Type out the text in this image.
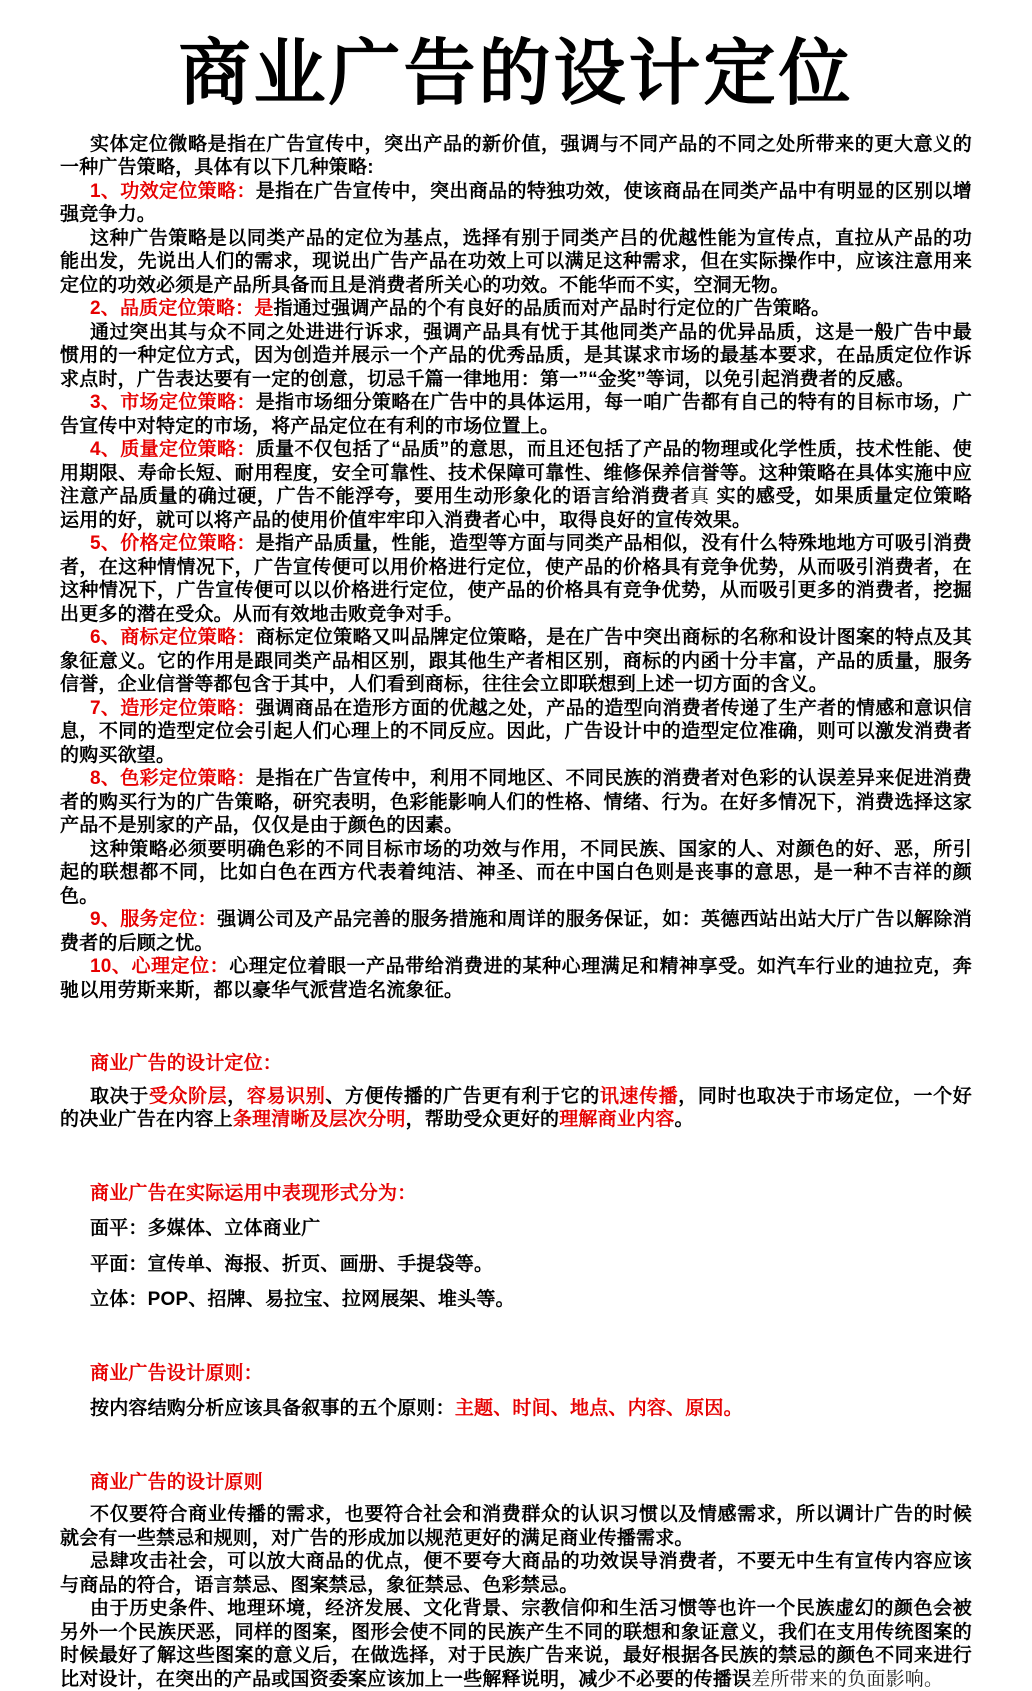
商业广告的设计定位

实体定位微略是指在广告宣传中，突出产品的新价值，强调与不同产品的不同之处所带来的更大意义的一种广告策略，具体有以下几种策略:

1、功效定位策略：是指在广告宣传中，突出商品的特独功效，使该商品在同类产品中有明显的区别以增强竞争力。

这种广告策略是以同类产品的定位为基点，选择有别于同类产吕的优越性能为宣传点，直拉从产品的功能出发，先说出人们的需求，现说出广告产品在功效上可以满足这种需求，但在实际操作中，应该注意用来定位的功效必须是产品所具备而且是消费者所关心的功效。不能华而不实，空洞无物。

2、品质定位策略：是指通过强调产品的个有良好的品质而对产品时行定位的广告策略。

通过突出其与众不同之处进进行诉求，强调产品具有忧于其他同类产品的优异品质，这是一般广告中最惯用的一种定位方式，因为创造并展示一个产品的优秀品质，是其谋求市场的最基本要求，在品质定位作诉求点时，广告表达要有一定的创意，切忌千篇一律地用：第一”“金奖”等词，以免引起消费者的反感。

3、市场定位策略：是指市场细分策略在广告中的具体运用，每一咱广告都有自己的特有的目标市场，广告宣传中对特定的市场，将产品定位在有利的市场位置上。

4、质量定位策略：质量不仅包括了“品质”的意思，而且还包括了产品的物理或化学性质，技术性能、使用期限、寿命长短、耐用程度，安全可靠性、技术保障可靠性、维修保养信誉等。这种策略在具体实施中应注意产品质量的确过硬，广告不能浮夸，要用生动形象化的语言给消费者真 实的感受，如果质量定位策略 运用的好，就可以将产品的使用价值牢牢印入消费者心中，取得良好的宣传效果。

5、价格定位策略：是指产品质量，性能，造型等方面与同类产品相似，没有什么特殊地地方可吸引消费者，在这种情情况下，广告宣传便可以用价格进行定位，使产品的价格具有竞争优势，从而吸引消费者，在这种情况下，广告宣传便可以以价格进行定位，使产品的价格具有竞争优势，从而吸引更多的消费者，挖掘出更多的潜在受众。从而有效地击败竞争对手。

6、商标定位策略：商标定位策略又叫品牌定位策略，是在广告中突出商标的名称和设计图案的特点及其象征意义。它的作用是跟同类产品相区别，跟其他生产者相区别，商标的内函十分丰富，产品的质量，服务信誉，企业信誉等都包含于其中，人们看到商标，往往会立即联想到上述一切方面的含义。

7、造形定位策略：强调商品在造形方面的优越之处，产品的造型向消费者传递了生产者的情感和意识信息，不同的造型定位会引起人们心理上的不同反应。因此，广告设计中的造型定位准确，则可以激发消费者的购买欲望。

8、色彩定位策略：是指在广告宣传中，利用不同地区、不同民族的消费者对色彩的认误差异来促进消费者的购买行为的广告策略，研究表明，色彩能影响人们的性格、情绪、行为。在好多情况下，消费选择这家产品不是别家的产品，仅仅是由于颜色的因素。

这种策略必须要明确色彩的不同目标市场的功效与作用，不同民族、国家的人、对颜色的好、恶，所引起的联想都不同，比如白色在西方代表着纯洁、神圣、而在中国白色则是丧事的意思，是一种不吉祥的颜色。

9、服务定位：强调公司及产品完善的服务措施和周详的服务保证，如：英德西站出站大厅广告以解除消费者的后顾之忧。

10、心理定位：心理定位着眼一产品带给消费进的某种心理满足和精神享受。如汽车行业的迪拉克，奔驰以用劳斯来斯，都以豪华气派营造名流象征。

商业广告的设计定位：

取决于受众阶层，容易识别、方便传播的广告更有利于它的讯速传播，同时也取决于市场定位，一个好的决业广告在内容上条理清晰及层次分明，帮助受众更好的理解商业内容。

商业广告在实际运用中表现形式分为：

面平：多媒体、立体商业广

平面：宣传单、海报、折页、画册、手提袋等。

立体：POP、招牌、易拉宝、拉网展架、堆头等。

商业广告设计原则：

按内容结购分析应该具备叙事的五个原则：主题、时间、地点、内容、原因。

商业广告的设计原则

不仅要符合商业传播的需求，也要符合社会和消费群众的认识习惯以及情感需求，所以调计广告的时候就会有一些禁忌和规则，对广告的形成加以规范更好的满足商业传播需求。

忌肆攻击社会，可以放大商品的优点，便不要夸大商品的功效误导消费者，不要无中生有宣传内容应该与商品的符合，语言禁忌、图案禁忌，象征禁忌、色彩禁忌。

由于历史条件、地理环境，经济发展、文化背景、宗教信仰和生活习惯等也许一个民族虚幻的颜色会被另外一个民族厌恶，同样的图案，图形会使不同的民族产生不同的联想和象证意义，我们在支用传统图案的时候最好了解这些图案的意义后，在做选择，对于民族广告来说，最好根据各民族的禁忌的颜色不同来进行比对设计，在突出的产品或国资委案应该加上一些解释说明，减少不必要的传播误差所带来的负面影响。
